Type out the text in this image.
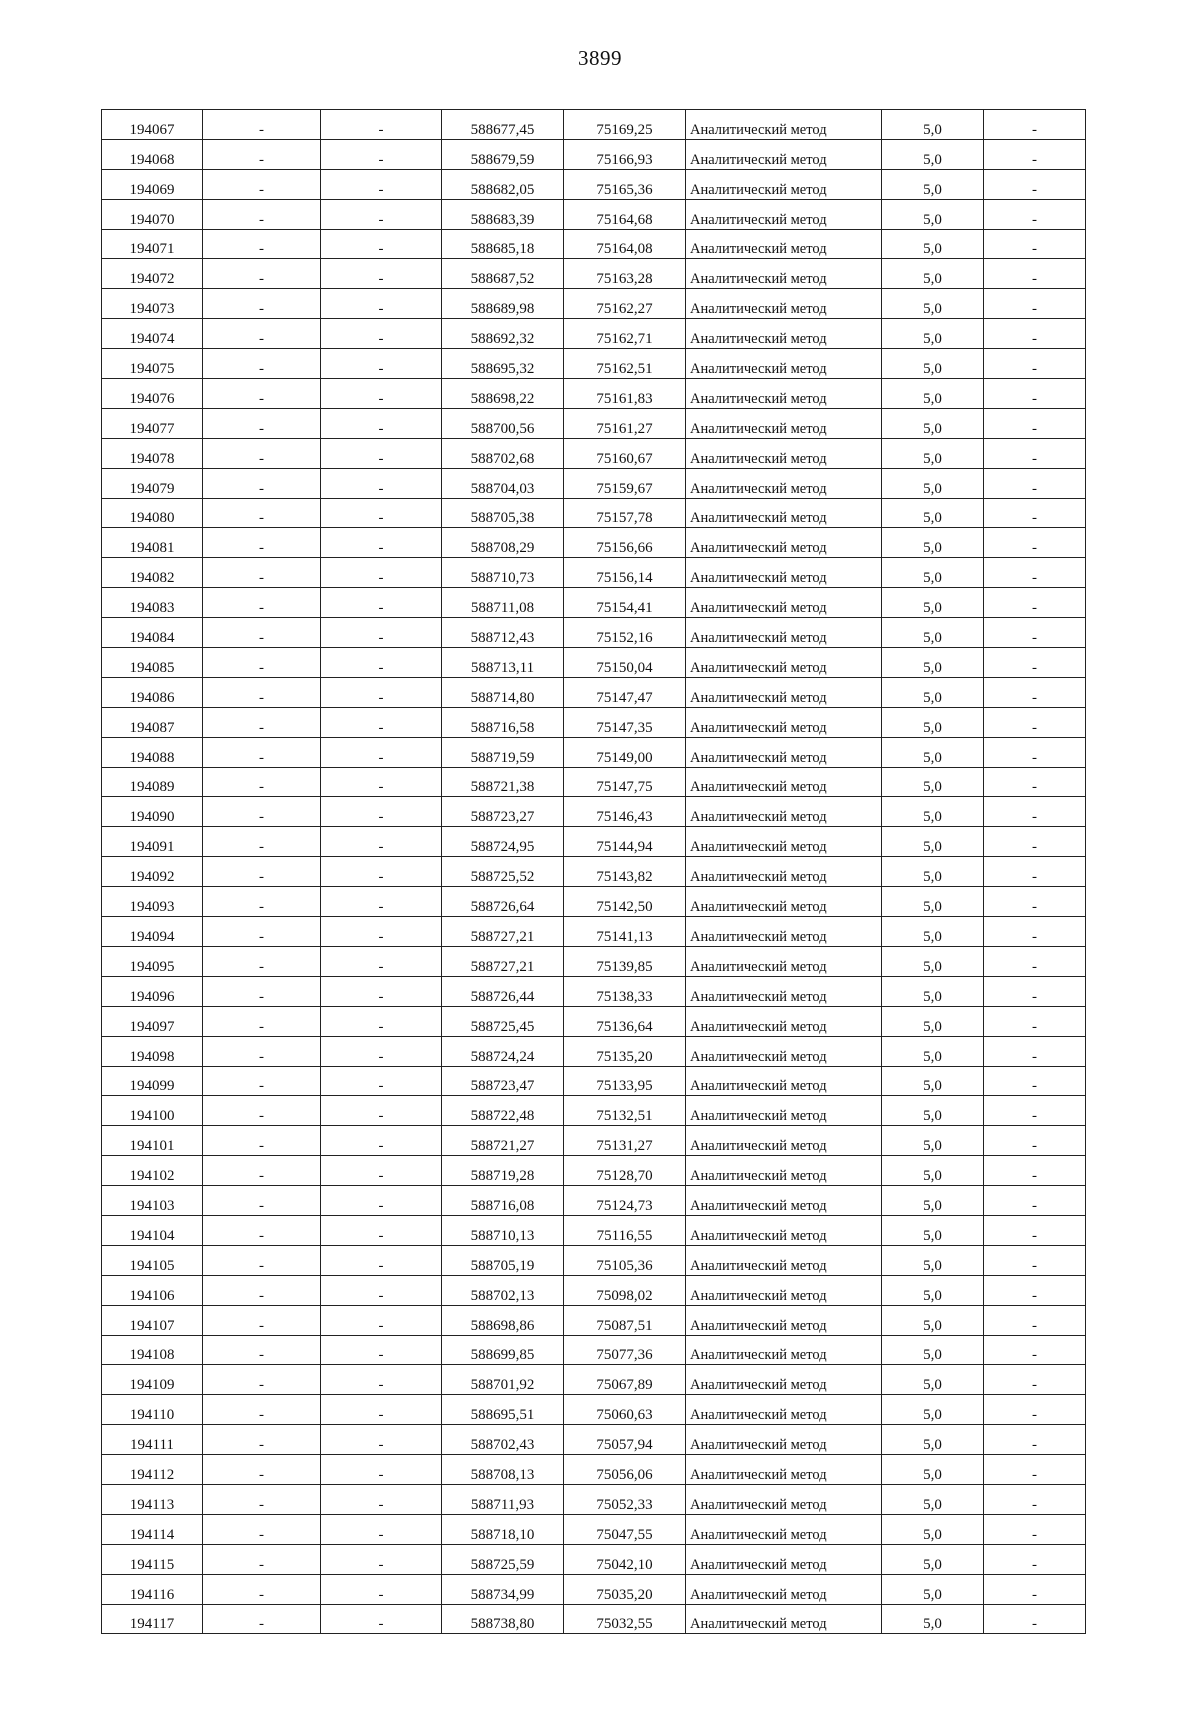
3899
194067	-	-	588677,45	75169,25	Аналитический метод	5,0	-
194068	-	-	588679,59	75166,93	Аналитический метод	5,0	-
194069	-	-	588682,05	75165,36	Аналитический метод	5,0	-
194070	-	-	588683,39	75164,68	Аналитический метод	5,0	-
194071	-	-	588685,18	75164,08	Аналитический метод	5,0	-
194072	-	-	588687,52	75163,28	Аналитический метод	5,0	-
194073	-	-	588689,98	75162,27	Аналитический метод	5,0	-
194074	-	-	588692,32	75162,71	Аналитический метод	5,0	-
194075	-	-	588695,32	75162,51	Аналитический метод	5,0	-
194076	-	-	588698,22	75161,83	Аналитический метод	5,0	-
194077	-	-	588700,56	75161,27	Аналитический метод	5,0	-
194078	-	-	588702,68	75160,67	Аналитический метод	5,0	-
194079	-	-	588704,03	75159,67	Аналитический метод	5,0	-
194080	-	-	588705,38	75157,78	Аналитический метод	5,0	-
194081	-	-	588708,29	75156,66	Аналитический метод	5,0	-
194082	-	-	588710,73	75156,14	Аналитический метод	5,0	-
194083	-	-	588711,08	75154,41	Аналитический метод	5,0	-
194084	-	-	588712,43	75152,16	Аналитический метод	5,0	-
194085	-	-	588713,11	75150,04	Аналитический метод	5,0	-
194086	-	-	588714,80	75147,47	Аналитический метод	5,0	-
194087	-	-	588716,58	75147,35	Аналитический метод	5,0	-
194088	-	-	588719,59	75149,00	Аналитический метод	5,0	-
194089	-	-	588721,38	75147,75	Аналитический метод	5,0	-
194090	-	-	588723,27	75146,43	Аналитический метод	5,0	-
194091	-	-	588724,95	75144,94	Аналитический метод	5,0	-
194092	-	-	588725,52	75143,82	Аналитический метод	5,0	-
194093	-	-	588726,64	75142,50	Аналитический метод	5,0	-
194094	-	-	588727,21	75141,13	Аналитический метод	5,0	-
194095	-	-	588727,21	75139,85	Аналитический метод	5,0	-
194096	-	-	588726,44	75138,33	Аналитический метод	5,0	-
194097	-	-	588725,45	75136,64	Аналитический метод	5,0	-
194098	-	-	588724,24	75135,20	Аналитический метод	5,0	-
194099	-	-	588723,47	75133,95	Аналитический метод	5,0	-
194100	-	-	588722,48	75132,51	Аналитический метод	5,0	-
194101	-	-	588721,27	75131,27	Аналитический метод	5,0	-
194102	-	-	588719,28	75128,70	Аналитический метод	5,0	-
194103	-	-	588716,08	75124,73	Аналитический метод	5,0	-
194104	-	-	588710,13	75116,55	Аналитический метод	5,0	-
194105	-	-	588705,19	75105,36	Аналитический метод	5,0	-
194106	-	-	588702,13	75098,02	Аналитический метод	5,0	-
194107	-	-	588698,86	75087,51	Аналитический метод	5,0	-
194108	-	-	588699,85	75077,36	Аналитический метод	5,0	-
194109	-	-	588701,92	75067,89	Аналитический метод	5,0	-
194110	-	-	588695,51	75060,63	Аналитический метод	5,0	-
194111	-	-	588702,43	75057,94	Аналитический метод	5,0	-
194112	-	-	588708,13	75056,06	Аналитический метод	5,0	-
194113	-	-	588711,93	75052,33	Аналитический метод	5,0	-
194114	-	-	588718,10	75047,55	Аналитический метод	5,0	-
194115	-	-	588725,59	75042,10	Аналитический метод	5,0	-
194116	-	-	588734,99	75035,20	Аналитический метод	5,0	-
194117	-	-	588738,80	75032,55	Аналитический метод	5,0	-
